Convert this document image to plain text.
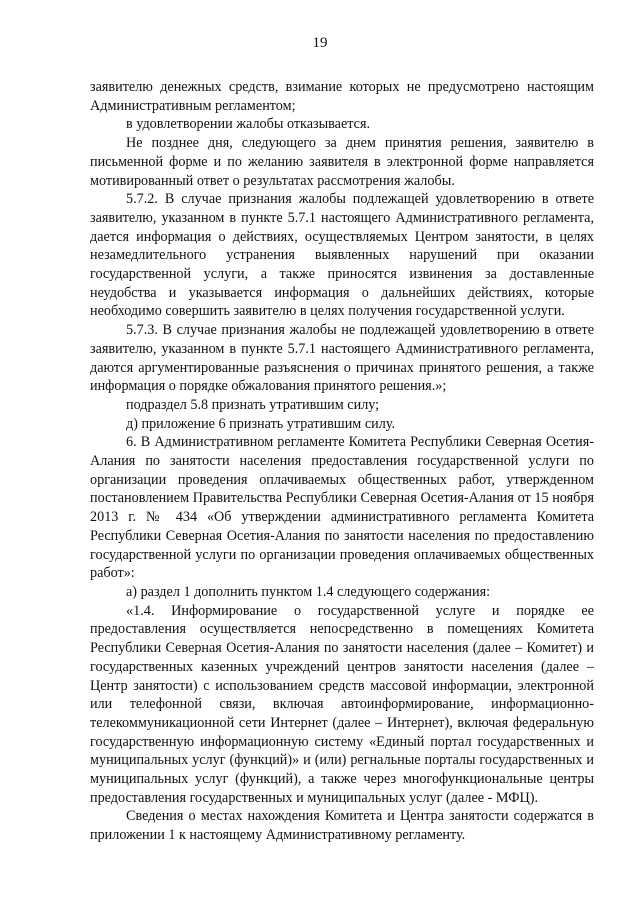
19

заявителю денежных средств, взимание которых не предусмотрено настоящим Административным регламентом;

в удовлетворении жалобы отказывается.

Не позднее дня, следующего за днем принятия решения, заявителю в письменной форме и по желанию заявителя в электронной форме направляется мотивированный ответ о результатах рассмотрения жалобы.

5.7.2. В случае признания жалобы подлежащей удовлетворению в ответе заявителю, указанном в пункте 5.7.1 настоящего Административного регламента, дается информация о действиях, осуществляемых Центром занятости, в целях незамедлительного устранения выявленных нарушений при оказании государственной услуги, а также приносятся извинения за доставленные неудобства и указывается информация о дальнейших действиях, которые необходимо совершить заявителю в целях получения государственной услуги.

5.7.3. В случае признания жалобы не подлежащей удовлетворению в ответе заявителю, указанном в пункте 5.7.1 настоящего Административного регламента, даются аргументированные разъяснения о причинах принятого решения, а также информация о порядке обжалования принятого решения.»;

подраздел 5.8 признать утратившим силу;

д) приложение 6 признать утратившим силу.

6. В Административном регламенте Комитета Республики Северная Осетия-Алания по занятости населения предоставления государственной услуги по организации проведения оплачиваемых общественных работ, утвержденном постановлением Правительства Республики Северная Осетия-Алания от 15 ноября 2013 г. № 434 «Об утверждении административного регламента Комитета Республики Северная Осетия-Алания по занятости населения по предоставлению государственной услуги по организации проведения оплачиваемых общественных работ»:

а) раздел 1 дополнить пунктом 1.4 следующего содержания:

«1.4. Информирование о государственной услуге и порядке ее предоставления осуществляется непосредственно в помещениях Комитета Республики Северная Осетия-Алания по занятости населения (далее – Комитет) и государственных казенных учреждений центров занятости населения (далее – Центр занятости) с использованием средств массовой информации, электронной или телефонной связи, включая автоинформирование, информационно-телекоммуникационной сети Интернет (далее – Интернет), включая федеральную государственную информационную систему «Единый портал государственных и муниципальных услуг (функций)» и (или) регнальные порталы государственных и муниципальных услуг (функций), а также через многофункциональные центры предоставления государственных и муниципальных услуг (далее - МФЦ).

Сведения о местах нахождения Комитета и Центра занятости содержатся в приложении 1 к настоящему Административному регламенту.
